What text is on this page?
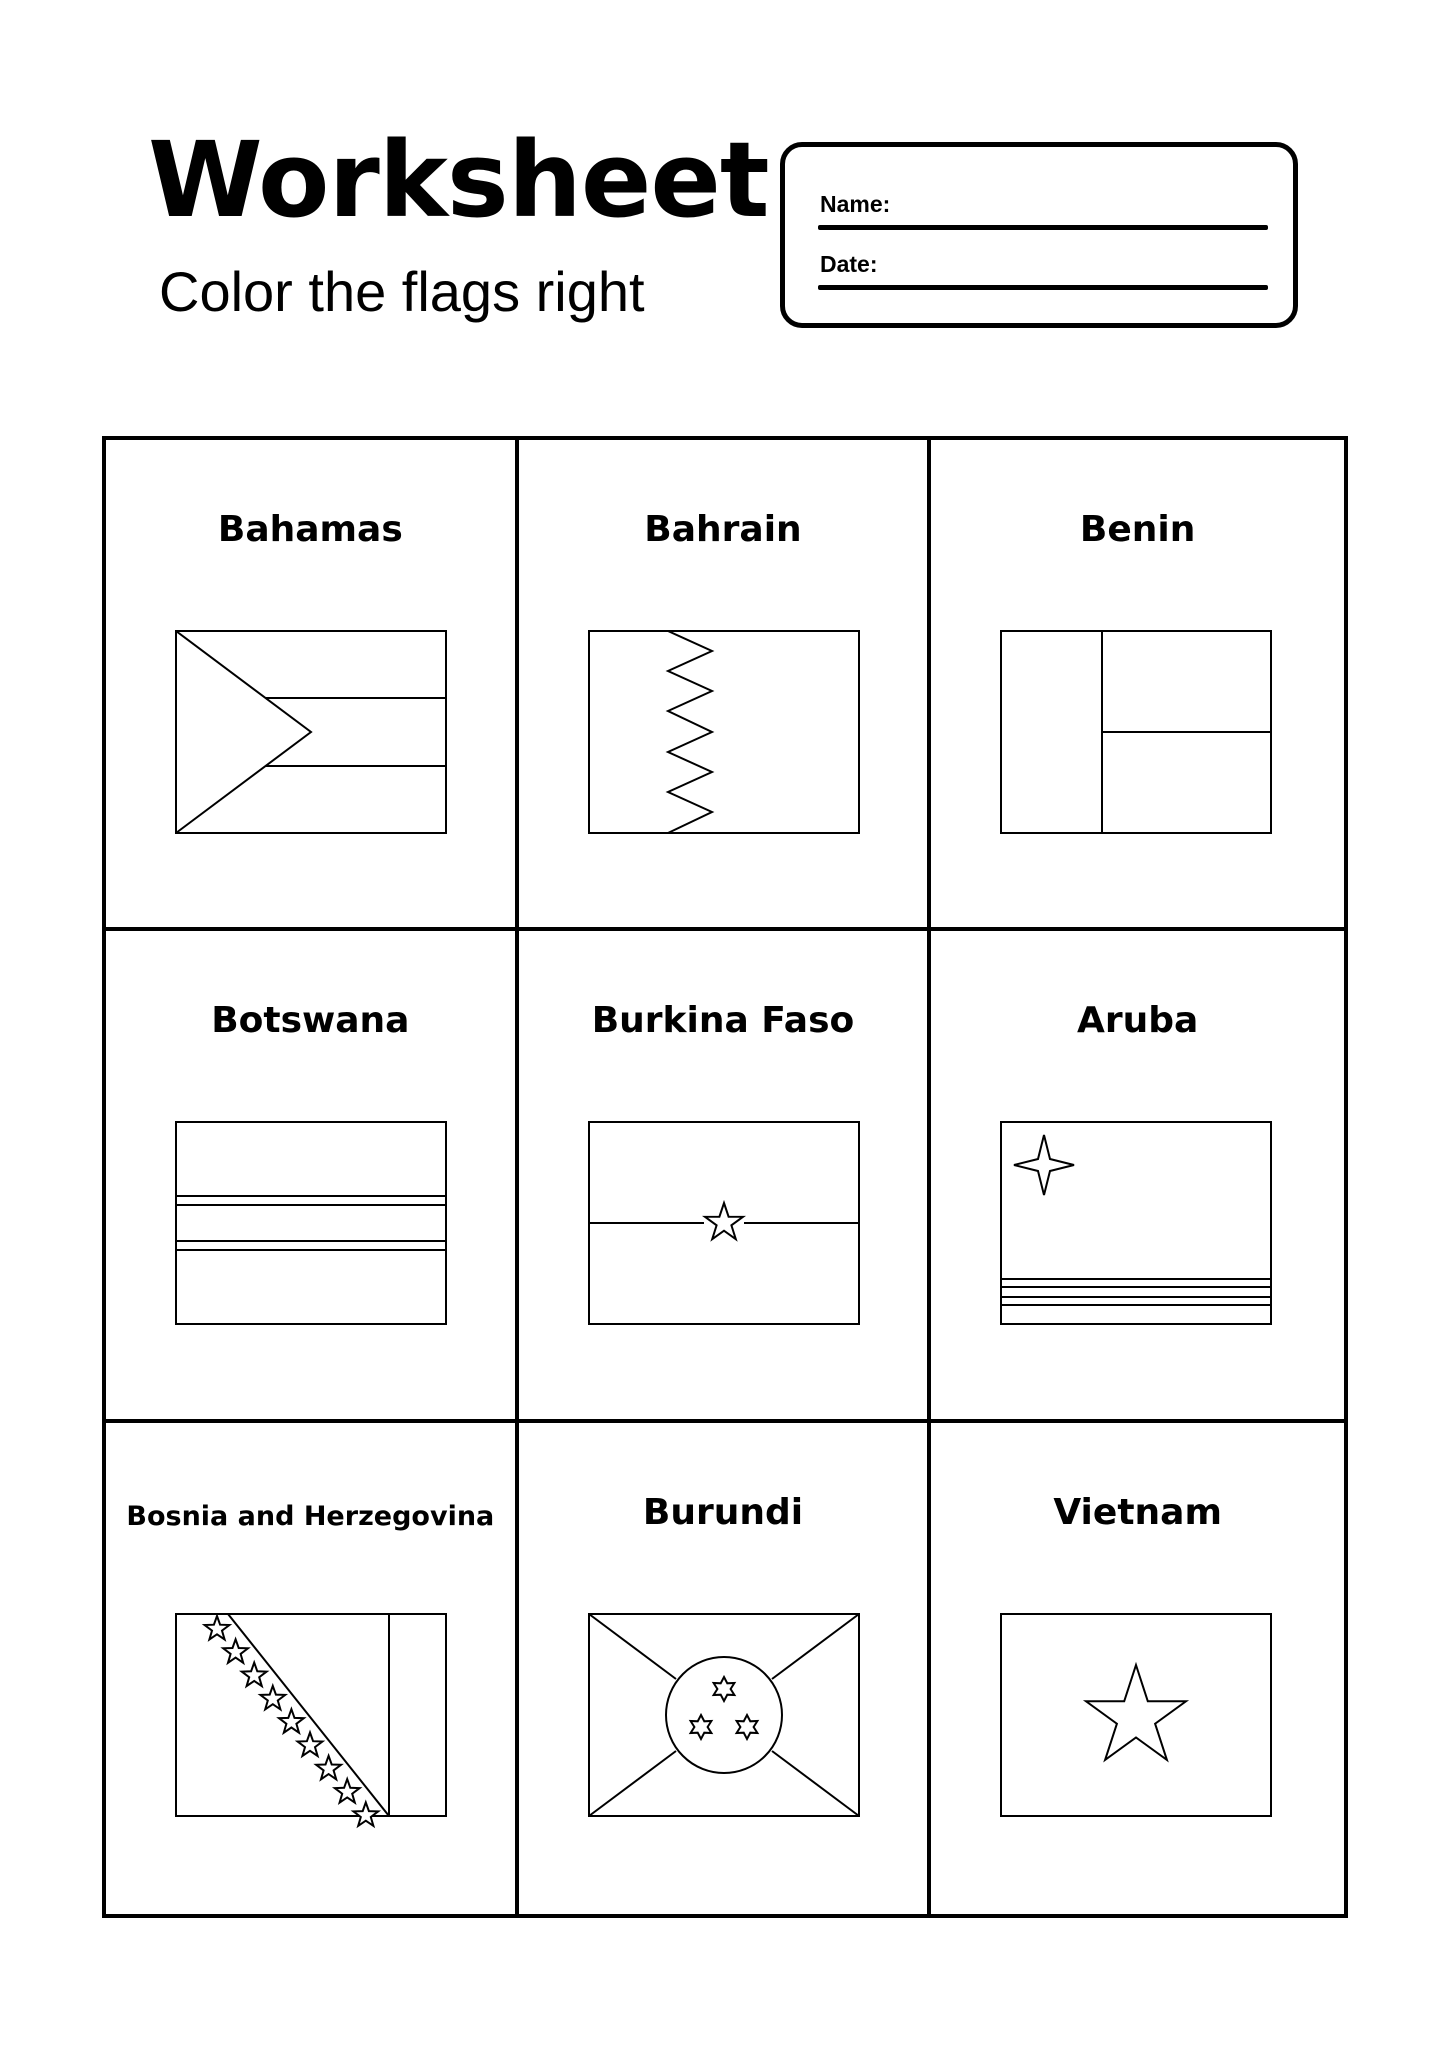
Worksheet

Color the flags right

Name:
Date:
Bahamas	Bahrain	Benin
Botswana	Burkina Faso	Aruba
Bosnia and Herzegovina	Burundi	Vietnam
